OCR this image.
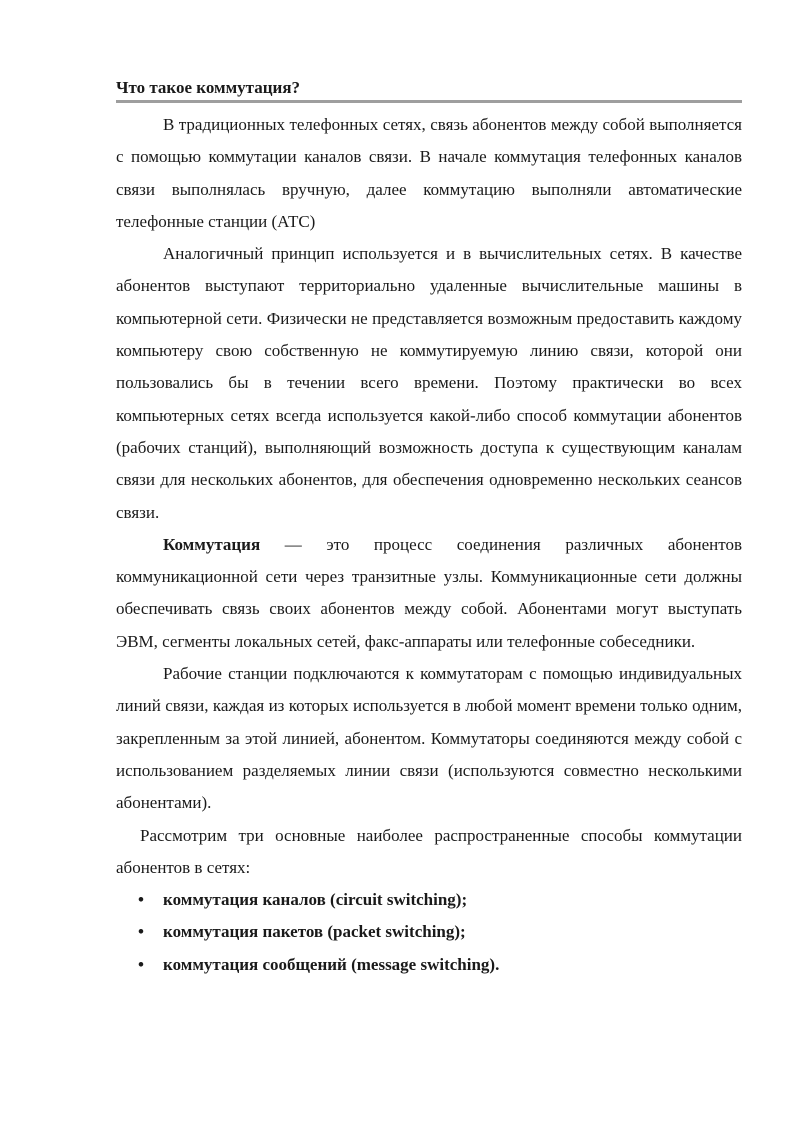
Что такое коммутация?

В традиционных телефонных сетях, связь абонентов между собой выполняется с помощью коммутации каналов связи. В начале коммутация телефонных каналов связи выполнялась вручную, далее коммутацию выполняли автоматические телефонные станции (АТС)

Аналогичный принцип используется и в вычислительных сетях. В качестве абонентов выступают территориально удаленные вычислительные машины в компьютерной сети. Физически не представляется возможным предоставить каждому компьютеру свою собственную не коммутируемую линию связи, которой они пользовались бы в течении всего времени. Поэтому практически во всех компьютерных сетях всегда используется какой-либо способ коммутации абонентов (рабочих станций), выполняющий возможность доступа к существующим каналам связи для нескольких абонентов, для обеспечения одновременно нескольких сеансов связи.

Коммутация — это процесс соединения различных абонентов коммуникационной сети через транзитные узлы. Коммуникационные сети должны обеспечивать связь своих абонентов между собой. Абонентами могут выступать ЭВМ, сегменты локальных сетей, факс-аппараты или телефонные собеседники.

Рабочие станции подключаются к коммутаторам с помощью индивидуальных линий связи, каждая из которых используется в любой момент времени только одним, закрепленным за этой линией, абонентом. Коммутаторы соединяются между собой с использованием разделяемых линии связи (используются совместно несколькими абонентами).

Рассмотрим три основные наиболее распространенные способы коммутации абонентов в сетях:

• коммутация каналов (circuit switching);
• коммутация пакетов (packet switching);
• коммутация сообщений (message switching).
